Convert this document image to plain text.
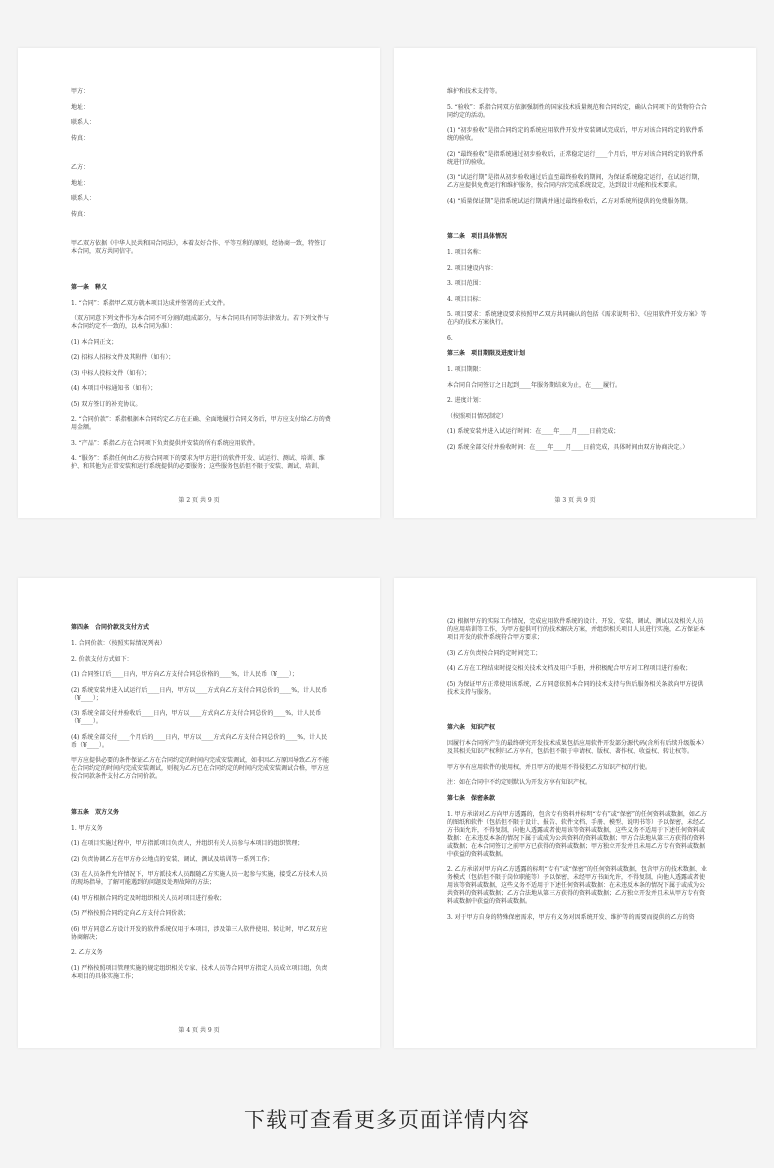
甲方：
地址：
联系人：
传真：
乙方：
地址：
联系人：
传真：
甲乙双方依据《中华人民共和国合同法》，本着友好合作、平等互利的原则，经协商一致，特签订本合同，双方共同信守。
第一条　释义
1. “合同”：系指甲乙双方就本项目达成并签署的正式文件。
（双方同意下列文件作为本合同不可分割的组成部分，与本合同具有同等法律效力。若下列文件与本合同约定不一致的，以本合同为准）：
(1) 本合同正文；
(2) 招标人招标文件及其附件（如有）；
(3) 中标人投标文件（如有）；
(4) 本项目中标通知书（如有）；
(5) 双方签订的补充协议。
2. “合同价款”：系指根据本合同约定乙方在正确、全面地履行合同义务后，甲方应支付给乙方的费用金额。
3. “产品”：系指乙方在合同项下负责提供并安装的所有系统应用软件。
4. “服务”：系指任何由乙方按合同项下的要求为甲方进行的软件开发、试运行、测试、培训、维护、和其他为正常安装和运行系统提供的必要服务；这些服务包括但不限于安装、调试、培训、
第 2 页 共 9 页
维护和技术支持等。
5. “验收”：系指合同双方依据强制性的国家技术质量规范和合同约定，确认合同项下的货物符合合同约定的活动。
(1) “初步验收”是指合同约定的系统应用软件开发并安装调试完成后，甲方对该合同约定的软件系统的验收。
(2) “最终验收”是指系统通过初步验收后，正常稳定运行____个月后，甲方对该合同约定的软件系统进行的验收。
(3) “试运行期”是指从初步验收通过后直至最终验收的期间，为保证系统稳定运行，在试运行期，乙方应提供免费运行和维护服务，按合同内容完成系统设定，达到设计功能和技术要求。
(4) “质量保证期”是指系统试运行期满并通过最终验收后，乙方对系统所提供的免费服务期。
第二条　项目具体情况
1. 项目名称：
2. 项目建设内容：
3. 项目范围：
4. 项目目标：
5. 项目要求：系统建设要求按照甲乙双方共同确认的包括《需求说明书》、《应用软件开发方案》等在内的技术方案执行。
6.
第三条　项目期限及进度计划
1. 项目期限：
本合同自合同签订之日起到____年服务期结束为止，在____履行。
2. 进度计划：
（按照项目情况制定）
(1) 系统安装并进入试运行时间：在____年____月____日前完成；
(2) 系统全部交付并验收时间：在____年____月____日前完成，具体时间由双方协商决定。）
第 3 页 共 9 页
第四条　合同价款及支付方式
1. 合同价款：（按照实际情况列表）
2. 价款支付方式如下：
(1) 合同签订后____日内，甲方向乙方支付合同总价格的____%，计人民币（¥____）；
(2) 系统安装并进入试运行后____日内，甲方以____方式向乙方支付合同总价的____%，计人民币（¥____）；
(3) 系统全部交付并验收后____日内，甲方以____方式向乙方支付合同总价的____%，计人民币（¥____）。
(4) 系统全部交付____个月后的____日内，甲方以____方式向乙方支付合同总价的____%，计人民币（¥____）。
甲方应提供必要的条件保证乙方在合同约定的时间内完成安装调试，如非因乙方原因导致乙方不能在合同约定的时间内完成安装调试，则视为乙方已在合同约定的时间内完成安装调试合格，甲方应按合同款条件支付乙方合同价款。
第五条　双方义务
1. 甲方义务
(1) 在项目实施过程中，甲方指派项目负责人，并组织有关人员参与本项目的组织管理；
(2) 负责协调乙方在甲方办公地点的安装、调试、测试及培训等一系列工作；
(3) 在人员条件允许情况下，甲方派技术人员跟随乙方实施人员一起参与实施，接受乙方技术人员的现场指导，了解可能遇到的问题及处理故障的方法；
(4) 甲方根据合同约定及时组织相关人员对项目进行验收；
(5) 严格按照合同约定向乙方支付合同价款；
(6) 甲方同意乙方设计开发的软件系统仅用于本项目，涉及第三人软件使用、转让时，甲乙双方应协商解决；
2. 乙方义务
(1) 严格按照项目管理实施的规定组织相关专家、技术人员等合同甲方指定人员成立项目组，负责本项目的具体实施工作；
第 4 页 共 9 页
(2) 根据甲方的实际工作情况，完成应用软件系统的设计、开发、安装、调试、测试以及相关人员的应用培训等工作，为甲方提供可行的技术解决方案，并组织相关项目人员进行实施，乙方保证本项目开发的软件系统符合甲方要求；
(3) 乙方负责按合同约定时间完工；
(4) 乙方在工程结束时提交相关技术文档及用户手册，并积极配合甲方对工程项目进行验收；
(5) 为保证甲方正常使用该系统，乙方同意依照本合同的技术支持与售后服务相关条款向甲方提供技术支持与服务。
第六条　知识产权
因履行本合同所产生的最终研究开发技术成果包括应用软件开发部分源代码(含所有后续升级版本）及其相关知识产权利归乙方享有，包括但不限于申请权、版权、著作权、收益权、转让权等。
甲方享有应用软件的使用权，并且甲方的使用不得侵犯乙方知识产权的行使。
注：如在合同中不约定则默认为开发方享有知识产权。
第七条　保密条款
1. 甲方承诺对乙方向甲方透露的，包含专有资料并标明“专有”或“保密”的任何资料或数据，如乙方的图纸和软件（包括但不限于设计、报告、软件文档、手册、模型、说明书等）予以保密，未经乙方书面允许，不得复制，向他人透露或者使用该等资料或数据，这些义务不适用于下述任何资料或数据：在未违反本条的情况下属于或成为公共资料的资料或数据；甲方合法地从第三方获得的资料或数据；在本合同签订之前甲方已获得的资料或数据；甲方独立开发并且未用乙方专有资料或数据中获益的资料或数据。
2. 乙方承诺对甲方向乙方透露的标明“专有”或“保密”的任何资料或数据，包含甲方的技术数据、业务模式（包括但不限于岗位职能等）予以保密，未经甲方书面允许，不得复制，向他人透露或者使用该等资料或数据，这些义务不适用于下述任何资料或数据：在未违反本条的情况下属于或成为公共资料的资料或数据；乙方合法地从第三方获得的资料或数据；乙方独立开发并且未从甲方专有资料或数据中获益的资料或数据。
3. 对于甲方自身的特殊保密需求，甲方有义务对因系统开发、维护等的需要而提供的乙方的资
下载可查看更多页面详情内容
